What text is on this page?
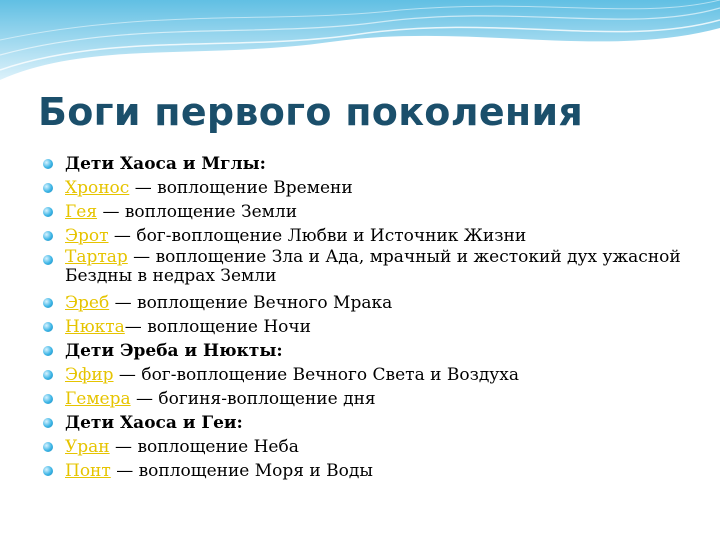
Боги первого поколения
Дети Хаоса и Мглы:
Хронос — воплощение Времени
Гея — воплощение Земли
Эрот — бог-воплощение Любви и Источник Жизни
Тартар — воплощение Зла и Ада, мрачный и жестокий дух ужасной Бездны в недрах Земли
Эреб — воплощение Вечного Мрака
Нюкта— воплощение Ночи
Дети Эреба и Нюкты:
Эфир — бог-воплощение Вечного Света и Воздуха
Гемера — богиня-воплощение дня
Дети Хаоса и Геи:
Уран — воплощение Неба
Понт — воплощение Моря и Воды
